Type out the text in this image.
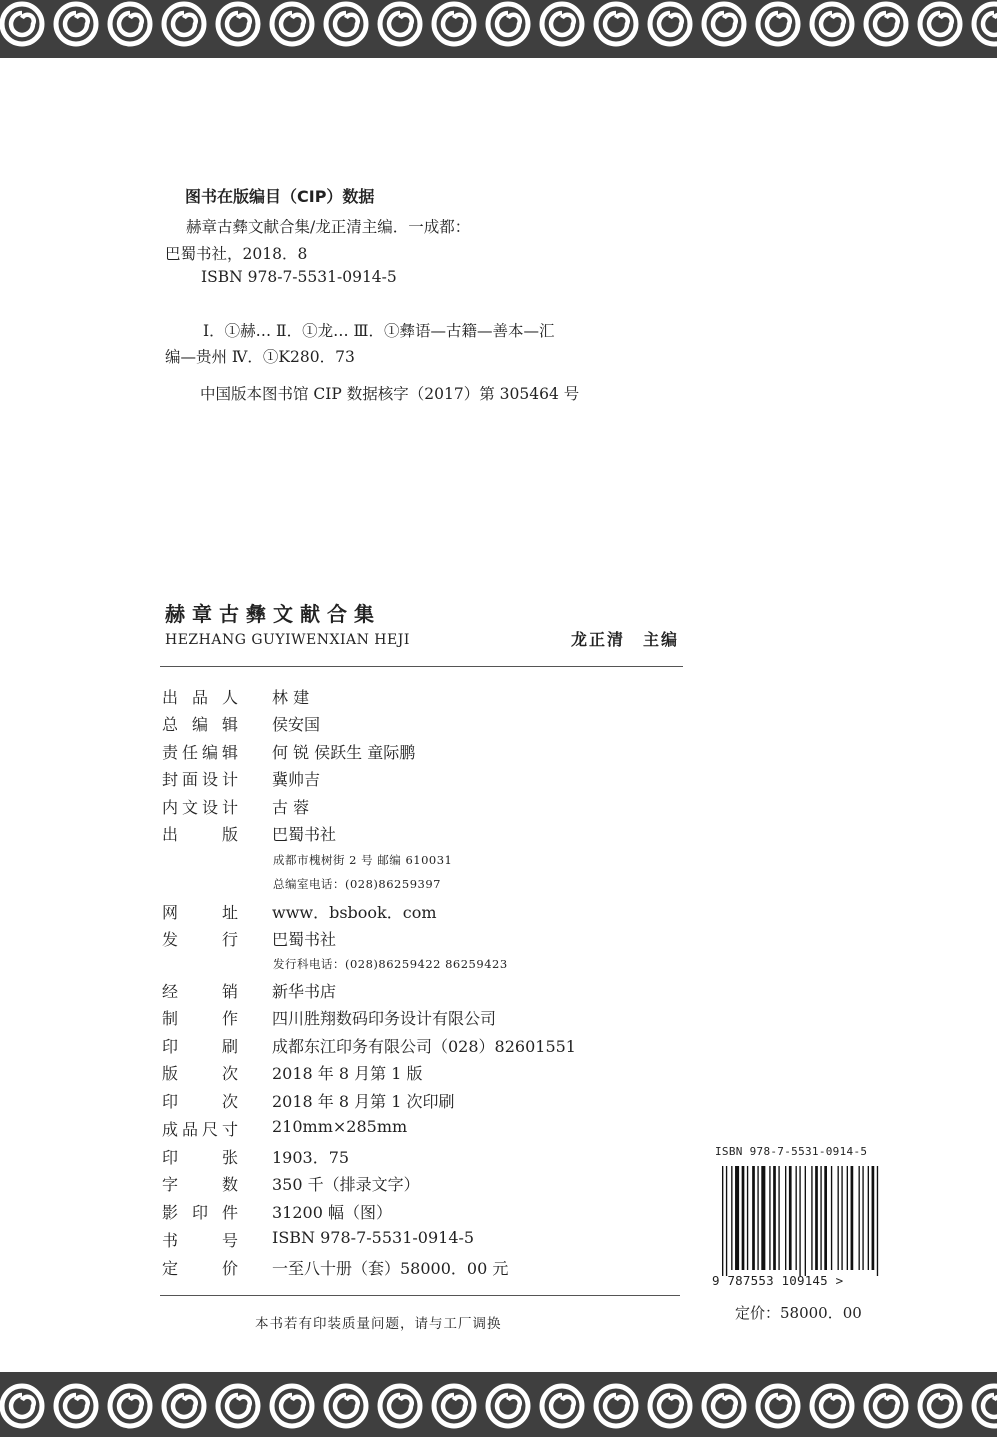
图书在版编目（CIP）数据
赫章古彝文献合集/龙正清主编．一成都：
巴蜀书社，2018．8
ISBN 978-7-5531-0914-5
Ⅰ．①赫… Ⅱ．①龙… Ⅲ．①彝语—古籍—善本—汇
编—贵州 Ⅳ．①K280．73
中国版本图书馆 CIP 数据核字（2017）第 305464 号
赫章古彝文献合集
HEZHANG GUYIWENXIAN HEJI	龙正清 主编
出 品 人 林 建
总 编 辑 侯安国
责 任 编 辑 何 锐 侯跃生 童际鹏
封 面 设 计 冀帅吉
内 文 设 计 古 蓉
出	版 巴蜀书社
网	址 www．bsbook．com
发	行 巴蜀书社
经	销 新华书店
制	作 四川胜翔数码印务设计有限公司
印	刷 成都东江印务有限公司（028）82601551
版	次 2018 年 8 月第 1 版
印	次 2018 年 8 月第 1 次印刷
成 品 尺 寸 210mm×285mm
印	张 1903．75
字	数 350 千（排录文字）
影 印 件 31200 幅（图）
书	号 ISBN 978-7-5531-0914-5
定	价 一至八十册（套）58000．00 元
成都市槐树街 2 号 邮编 610031
总编室电话：(028)86259397
发行科电话：(028)86259422 86259423
ISBN 978-7-5531-0914-5
9 787553 109145 >
定价：58000．00
本书若有印装质量问题，请与工厂调换
